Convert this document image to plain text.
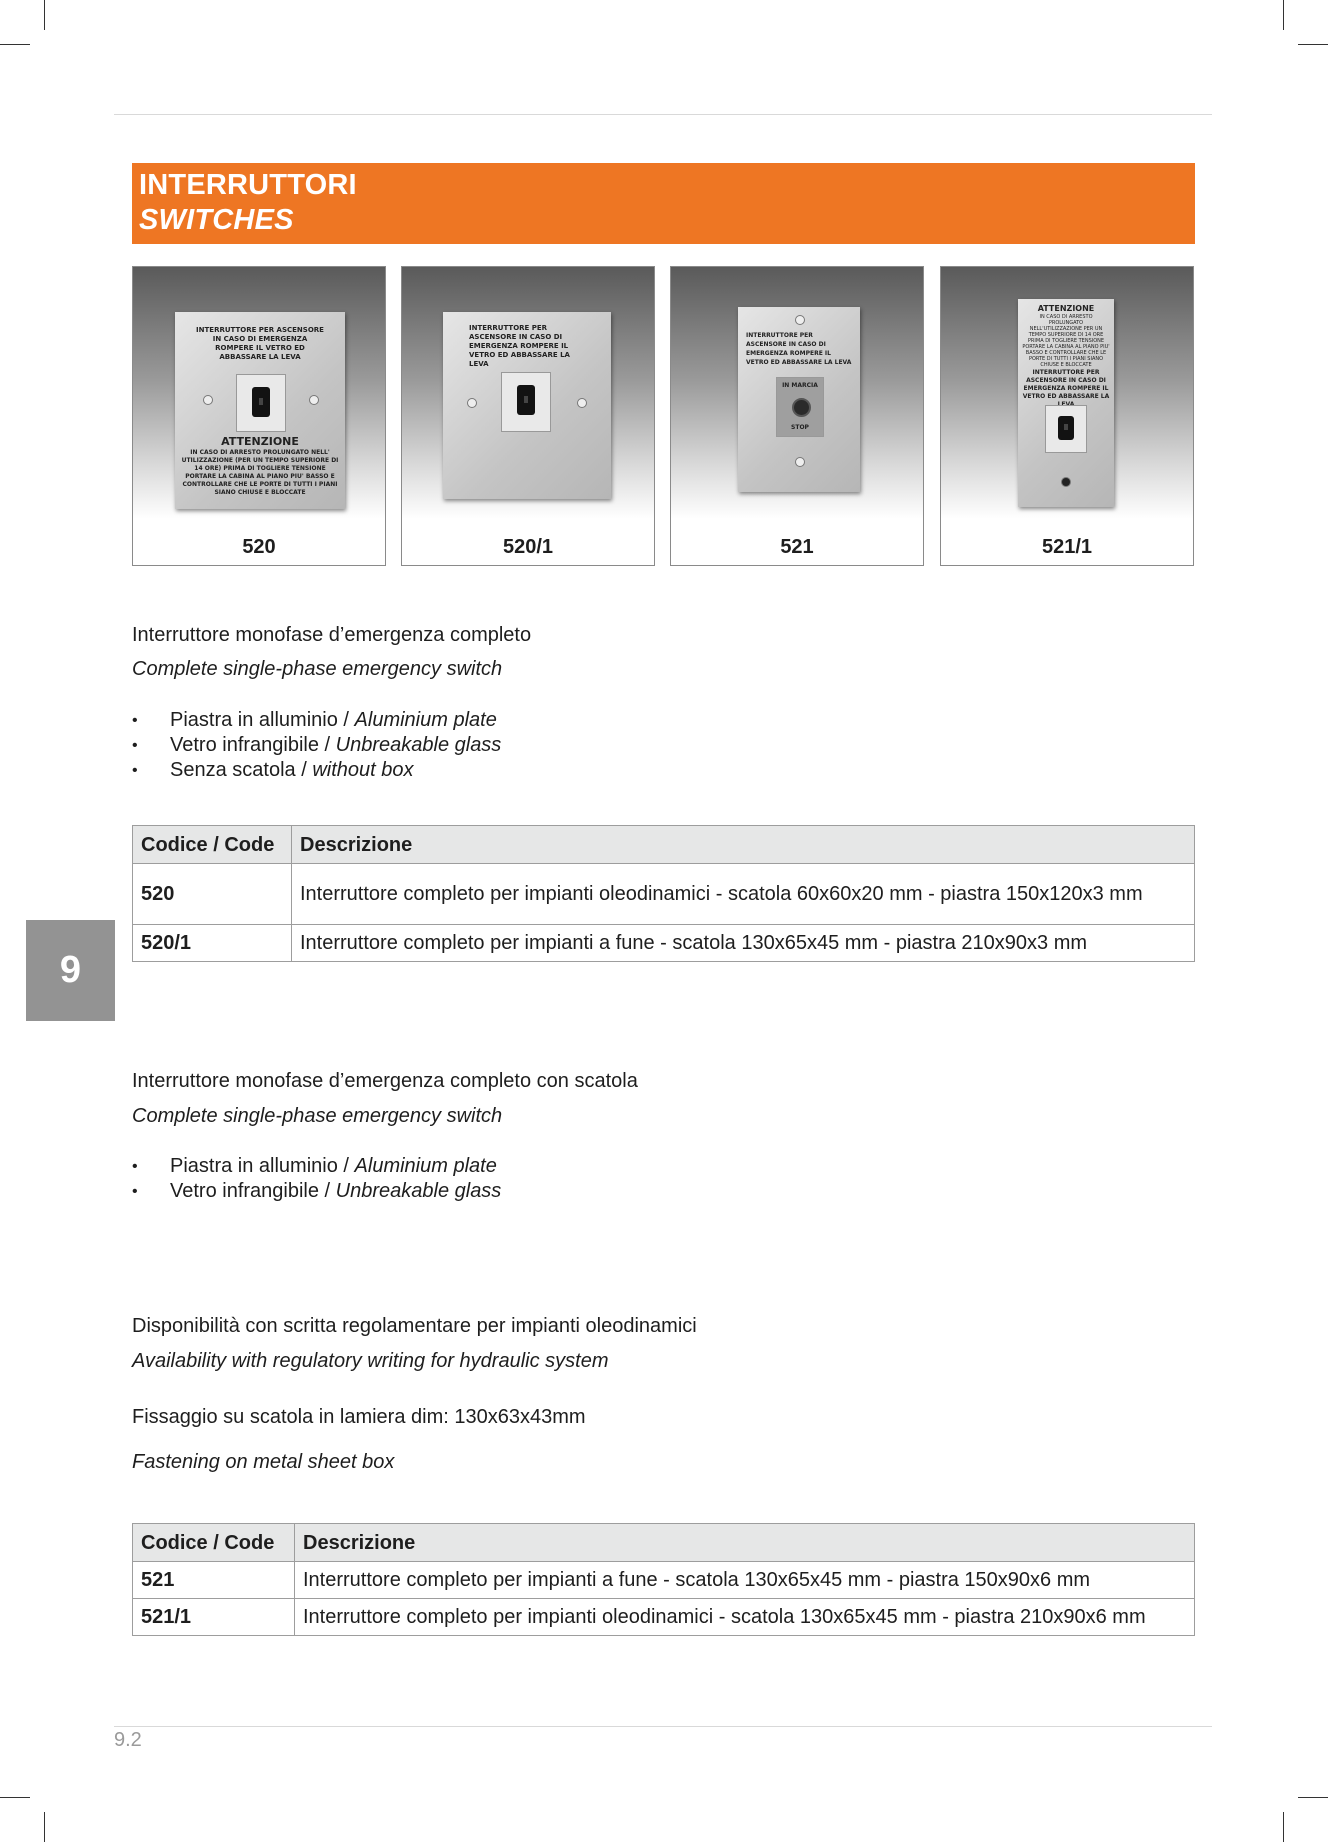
INTERRUTTORI
SWITCHES
INTERRUTTORE PER ASCENSORE IN CASO DI EMERGENZA ROMPERE IL VETRO ED ABBASSARE LA LEVA
ATTENZIONE
IN CASO DI ARRESTO PROLUNGATO NELL' UTILIZZAZIONE (PER UN TEMPO SUPERIORE DI 14 ORE) PRIMA DI TOGLIERE TENSIONE PORTARE LA CABINA AL PIANO PIU' BASSO E CONTROLLARE CHE LE PORTE DI TUTTI I PIANI SIANO CHIUSE E BLOCCATE
520
INTERRUTTORE PER ASCENSORE IN CASO DI EMERGENZA ROMPERE IL VETRO ED ABBASSARE LA LEVA
520/1
INTERRUTTORE PER ASCENSORE IN CASO DI EMERGENZA ROMPERE IL VETRO ED ABBASSARE LA LEVA
IN MARCIA
STOP
521
ATTENZIONE
IN CASO DI ARRESTO PROLUNGATO NELL'UTILIZZAZIONE PER UN TEMPO SUPERIORE DI 14 ORE PRIMA DI TOGLIERE TENSIONE PORTARE LA CABINA AL PIANO PIU' BASSO E CONTROLLARE CHE LE PORTE DI TUTTI I PIANI SIANO CHIUSE E BLOCCATE
INTERRUTTORE PER ASCENSORE IN CASO DI EMERGENZA ROMPERE IL VETRO ED ABBASSARE LA
521/1
Interruttore monofase d’emergenza completo
Complete single-phase emergency switch
• Piastra in alluminio / Aluminium plate
• Vetro infrangibile / Unbreakable glass
• Senza scatola / without box
Codice / Code	Descrizione
520	Interruttore completo per impianti oleodinamici - scatola 60x60x20 mm - piastra 150x120x3 mm
520/1	Interruttore completo per impianti a fune - scatola 130x65x45 mm - piastra 210x90x3 mm
9
Interruttore monofase d’emergenza completo con scatola
Complete single-phase emergency switch
• Piastra in alluminio / Aluminium plate
• Vetro infrangibile / Unbreakable glass
Disponibilità con scritta regolamentare per impianti oleodinamici
Availability with regulatory writing for hydraulic system
Fissaggio su scatola in lamiera dim: 130x63x43mm
Fastening on metal sheet box
Codice / Code	Descrizione
521	Interruttore completo per impianti a fune - scatola 130x65x45 mm - piastra 150x90x6 mm
521/1	Interruttore completo per impianti oleodinamici - scatola 130x65x45 mm - piastra 210x90x6 mm
9.2
